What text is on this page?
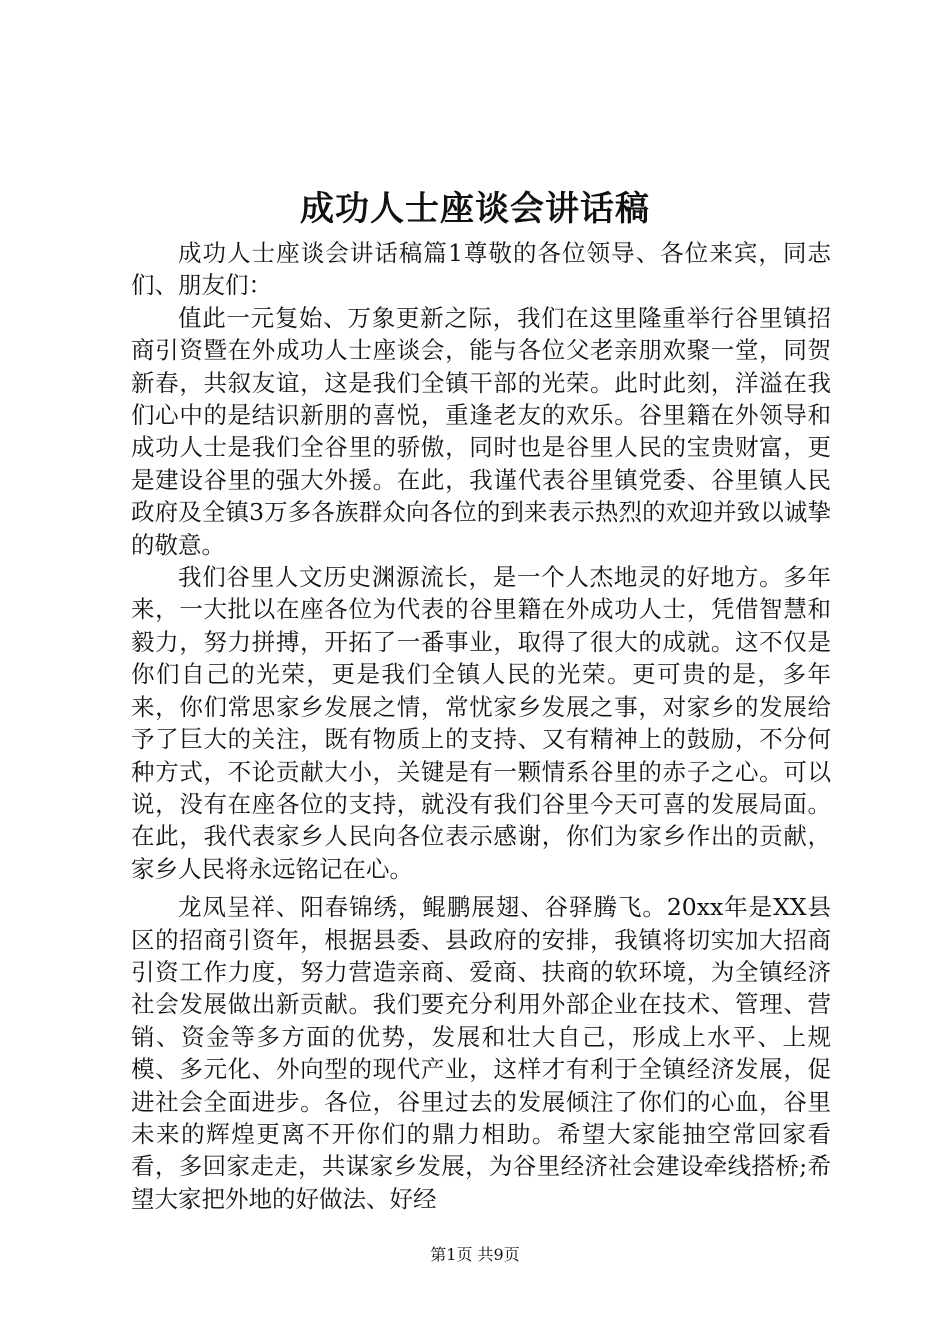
成功人士座谈会讲话稿

成功人士座谈会讲话稿篇1尊敬的各位领导、各位来宾，同志们、朋友们：

值此一元复始、万象更新之际，我们在这里隆重举行谷里镇招商引资暨在外成功人士座谈会，能与各位父老亲朋欢聚一堂，同贺新春，共叙友谊，这是我们全镇干部的光荣。此时此刻，洋溢在我们心中的是结识新朋的喜悦，重逢老友的欢乐。谷里籍在外领导和成功人士是我们全谷里的骄傲，同时也是谷里人民的宝贵财富，更是建设谷里的强大外援。在此，我谨代表谷里镇党委、谷里镇人民政府及全镇3万多各族群众向各位的到来表示热烈的欢迎并致以诚挚的敬意。

我们谷里人文历史渊源流长，是一个人杰地灵的好地方。多年来，一大批以在座各位为代表的谷里籍在外成功人士，凭借智慧和毅力，努力拼搏，开拓了一番事业，取得了很大的成就。这不仅是你们自己的光荣，更是我们全镇人民的光荣。更可贵的是，多年来，你们常思家乡发展之情，常忧家乡发展之事，对家乡的发展给予了巨大的关注，既有物质上的支持、又有精神上的鼓励，不分何种方式，不论贡献大小，关键是有一颗情系谷里的赤子之心。可以说，没有在座各位的支持，就没有我们谷里今天可喜的发展局面。在此，我代表家乡人民向各位表示感谢，你们为家乡作出的贡献，家乡人民将永远铭记在心。

龙凤呈祥、阳春锦绣，鲲鹏展翅、谷驿腾飞。20xx年是XX县区的招商引资年，根据县委、县政府的安排，我镇将切实加大招商引资工作力度，努力营造亲商、爱商、扶商的软环境，为全镇经济社会发展做出新贡献。我们要充分利用外部企业在技术、管理、营销、资金等多方面的优势，发展和壮大自己，形成上水平、上规模、多元化、外向型的现代产业，这样才有利于全镇经济发展，促进社会全面进步。各位，谷里过去的发展倾注了你们的心血，谷里未来的辉煌更离不开你们的鼎力相助。希望大家能抽空常回家看看，多回家走走，共谋家乡发展，为谷里经济社会建设牵线搭桥;希望大家把外地的好做法、好经

第1页 共9页
